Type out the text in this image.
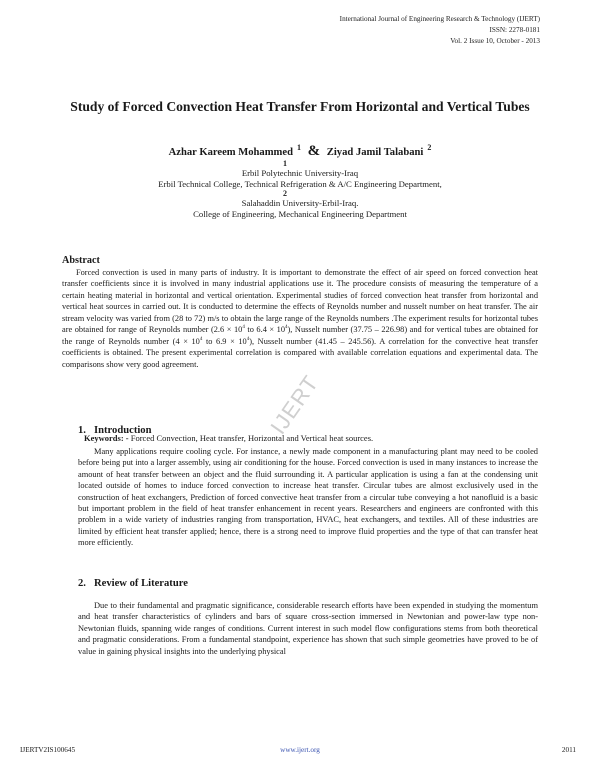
International Journal of Engineering Research & Technology (IJERT)
ISSN: 2278-0181
Vol. 2 Issue 10, October - 2013
Study of Forced Convection Heat Transfer From Horizontal and Vertical Tubes
Azhar Kareem Mohammed $^1$ & Ziyad Jamil Talabani $^2$
1
Erbil Polytechnic University-Iraq
Erbil Technical College, Technical Refrigeration & A/C Engineering Department,
2
Salahaddin University-Erbil-Iraq.
College of Engineering, Mechanical Engineering Department
IJERT
Abstract
Forced convection is used in many parts of industry. It is important to demonstrate the effect of air speed on forced convection heat transfer coefficients since it is involved in many industrial applications use it. The procedure consists of measuring the temperature of a certain heating material in horizontal and vertical orientation. Experimental studies of forced convection heat transfer from horizontal and vertical heat sources in carried out. It is conducted to determine the effects of Reynolds number and nusselt number on heat transfer. The air stream velocity was varied from (28 to 72) m/s to obtain the large range of the Reynolds numbers .The experiment results for horizontal tubes are obtained for range of Reynolds number ($2.6 \times 10^4$ to $6.4 \times 10^4$), Nusselt number (37.75 – 226.98) and for vertical tubes are obtained for the range of Reynolds number ($4 \times 10^4$ to $6.9 \times 10^4$), Nusselt number (41.45 – 245.56). A correlation for the convective heat transfer coefficients is obtained. The present experimental correlation is compared with available correlation equations and experimental data. The comparisons show very good agreement.
Keywords: - Forced Convection, Heat transfer, Horizontal and Vertical heat sources.
1. Introduction
Many applications require cooling cycle. For instance, a newly made component in a manufacturing plant may need to be cooled before being put into a larger assembly, using air conditioning for the house. Forced convection is used in many instances to increase the amount of heat transfer between an object and the fluid surrounding it. A particular application is using a fan at the condensing unit located outside of homes to induce forced convection to increase heat transfer. Circular tubes are almost exclusively used in the construction of heat exchangers, Prediction of forced convective heat transfer from a circular tube conveying a hot nanofluid is a basic but important problem in the field of heat transfer enhancement in recent years. Researchers and engineers are confronted with this problem in a wide variety of industries ranging from transportation, HVAC, heat exchangers, and textiles. All of these industries are limited by efficient heat transfer applied; hence, there is a strong need to improve fluid properties and the type of that can transfer heat more efficiently.
2. Review of Literature
Due to their fundamental and pragmatic significance, considerable research efforts have been expended in studying the momentum and heat transfer characteristics of cylinders and bars of square cross-section immersed in Newtonian and power-law type non-Newtonian fluids, spanning wide ranges of conditions. Current interest in such model flow configurations stems from both theoretical and pragmatic considerations. From a fundamental standpoint, experience has shown that such simple geometries have proved to be of value in gaining physical insights into the underlying physical
IJERTV2IS100645	www.ijert.org	2011
